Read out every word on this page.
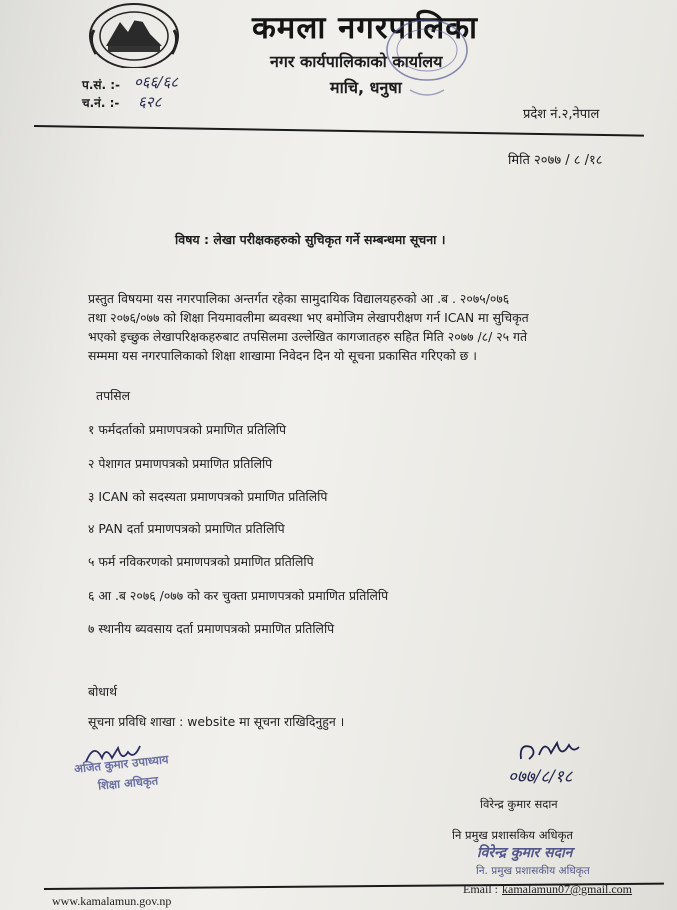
कमला नगरपालिका
नगर कार्यपालिकाको कार्यालय
माचि, धनुषा
प.सं. :- ०६६/६८
च.नं. :- ६२८
प्रदेश नं.२,नेपाल
मिति २०७७ / ८ /१८
विषय : लेखा परीक्षकहरुको सुचिकृत गर्ने सम्बन्धमा सूचना ।
प्रस्तुत विषयमा यस नगरपालिका अन्तर्गत रहेका सामुदायिक विद्यालयहरुको आ .ब . २०७५/०७६
तथा २०७६/०७७ को शिक्षा नियमावलीमा ब्यवस्था भए बमोजिम लेखापरीक्षण गर्न ICAN मा सुचिकृत
भएको इच्छुक लेखापरिक्षकहरुबाट तपसिलमा उल्लेखित कागजातहरु सहित मिति २०७७ /८/ २५ गते
सम्ममा यस नगरपालिकाको शिक्षा शाखामा निवेदन दिन यो सूचना प्रकासित गरिएको छ ।
तपसिल
१ फर्मदर्ताको प्रमाणपत्रको प्रमाणित प्रतिलिपि
२ पेशागत प्रमाणपत्रको प्रमाणित प्रतिलिपि
३ ICAN को सदस्यता प्रमाणपत्रको प्रमाणित प्रतिलिपि
४ PAN दर्ता प्रमाणपत्रको प्रमाणित प्रतिलिपि
५ फर्म नविकरणको प्रमाणपत्रको प्रमाणित प्रतिलिपि
६ आ .ब २०७६ /०७७ को कर चुक्ता प्रमाणपत्रको प्रमाणित प्रतिलिपि
७ स्थानीय ब्यवसाय दर्ता प्रमाणपत्रको प्रमाणित प्रतिलिपि
बोधार्थ
सूचना प्रविधि शाखा : website मा सूचना राखिदिनुहुन ।
अजित कुमार उपाध्याय
शिक्षा अधिकृत	०७७/८/१८
विरेन्द्र कुमार सदान
नि प्रमुख प्रशासकिय अधिकृत
विरेन्द्र कुमार सदान
नि. प्रमुख प्रशासकीय अधिकृत
www.kamalamun.gov.np
Email : kamalamun07@gmail.com
